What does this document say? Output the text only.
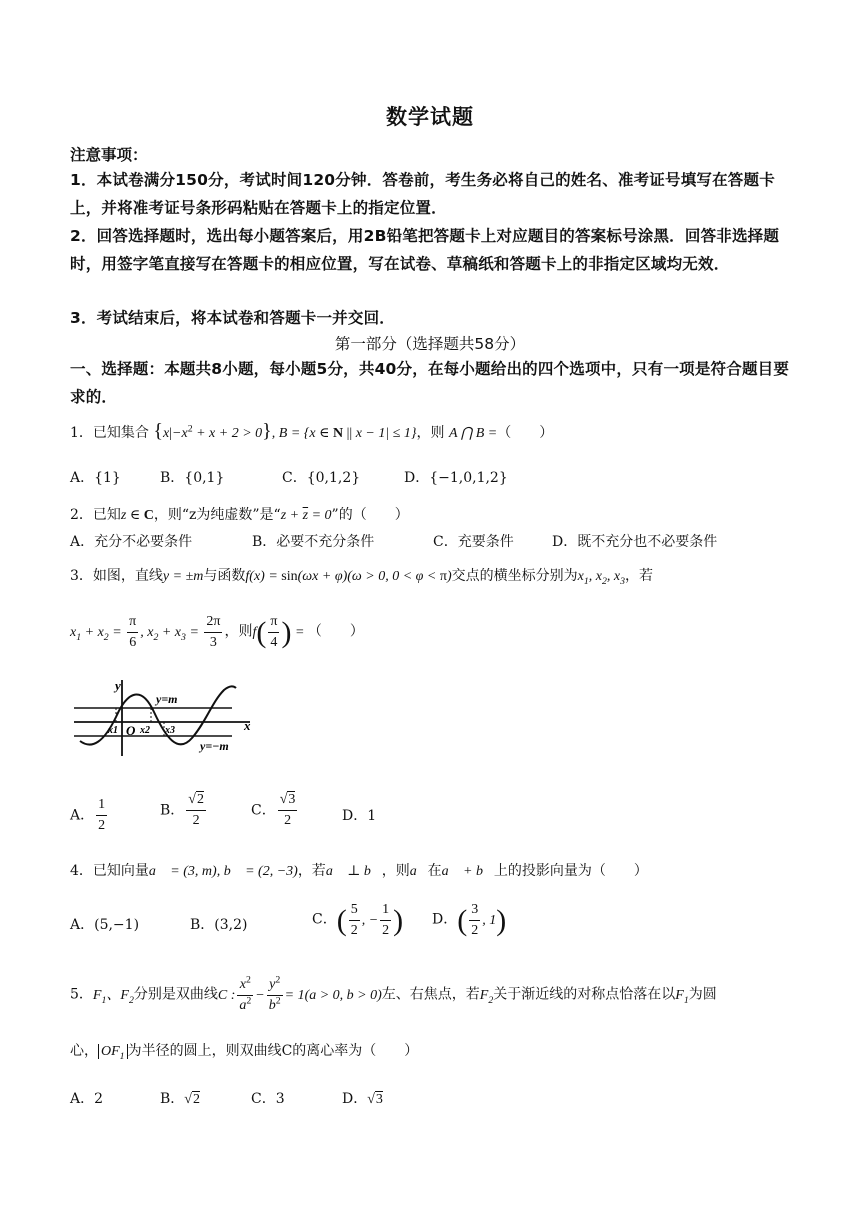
数学试题
注意事项：
1．本试卷满分150分，考试时间120分钟．答卷前，考生务必将自己的姓名、准考证号填写在答题卡上，并将准考证号条形码粘贴在答题卡上的指定位置．
2．回答选择题时，选出每小题答案后，用2B铅笔把答题卡上对应题目的答案标号涂黑．回答非选择题时，用签字笔直接写在答题卡的相应位置，写在试卷、草稿纸和答题卡上的非指定区域均无效．
3．考试结束后，将本试卷和答题卡一并交回．
第一部分（选择题共58分）
一、选择题：本题共8小题，每小题5分，共40分，在每小题给出的四个选项中，只有一项是符合题目要求的．
1．已知集合 $\{x|-x^2 + x + 2 > 0\}$, B = {x ∈ N || x − 1| ≤ 1}，则 A ⋂ B =（　　）
A．{1}	B．{0,1}	C．{0,1,2}	D．{−1,0,1,2}
2．已知z ∈ C，则“z为纯虚数”是“$z + \overline{z} = 0$”的（　　）
A．充分不必要条件	B．必要不充分条件	C．充要条件	D．既不充分也不必要条件
3．如图，直线y = ±m与函数f(x) = sin(ωx + φ)(ω > 0, 0 < φ < π)交点的横坐标分别为$x_1$, $x_2$, $x_3$，若
$x_1 + x_2 = \frac{\pi}{6}$ , $x_2 + x_3 = \frac{2\pi}{3}$ ，则$f( \frac{\pi}{4}$ ) = （　　）
y
y=m
y=−m
x
x1 O x2 x3
A． $\frac{1}{2}$	B． $\frac{√2}{2}$	C． $\frac{√3}{2}$	D．1
4．已知向量a⃗ = (3, m), b⃗ = (2, −3)，若a⃗ ⊥ b⃗，则a⃗在a⃗ + b⃗上的投影向量为（　　）
A．(5,−1)	B．(3,2)	C．( $\frac{5}{2}$ , − $\frac{1}{2}$ ) D．( $\frac{3}{2}$ , 1)
5．$F_1$、$F_2$分别是双曲线C : $\frac{x^2}{a^2} - \frac{y^2}{b^2} = 1(a > 0$, b > 0)左、右焦点，若$F_2$关于渐近线的对称点恰落在以$F_1$为圆
心， $OF_1$ 为半径的圆上，则双曲线C的离心率为（　　）
A．2	B．√2	C．3	D．√3
